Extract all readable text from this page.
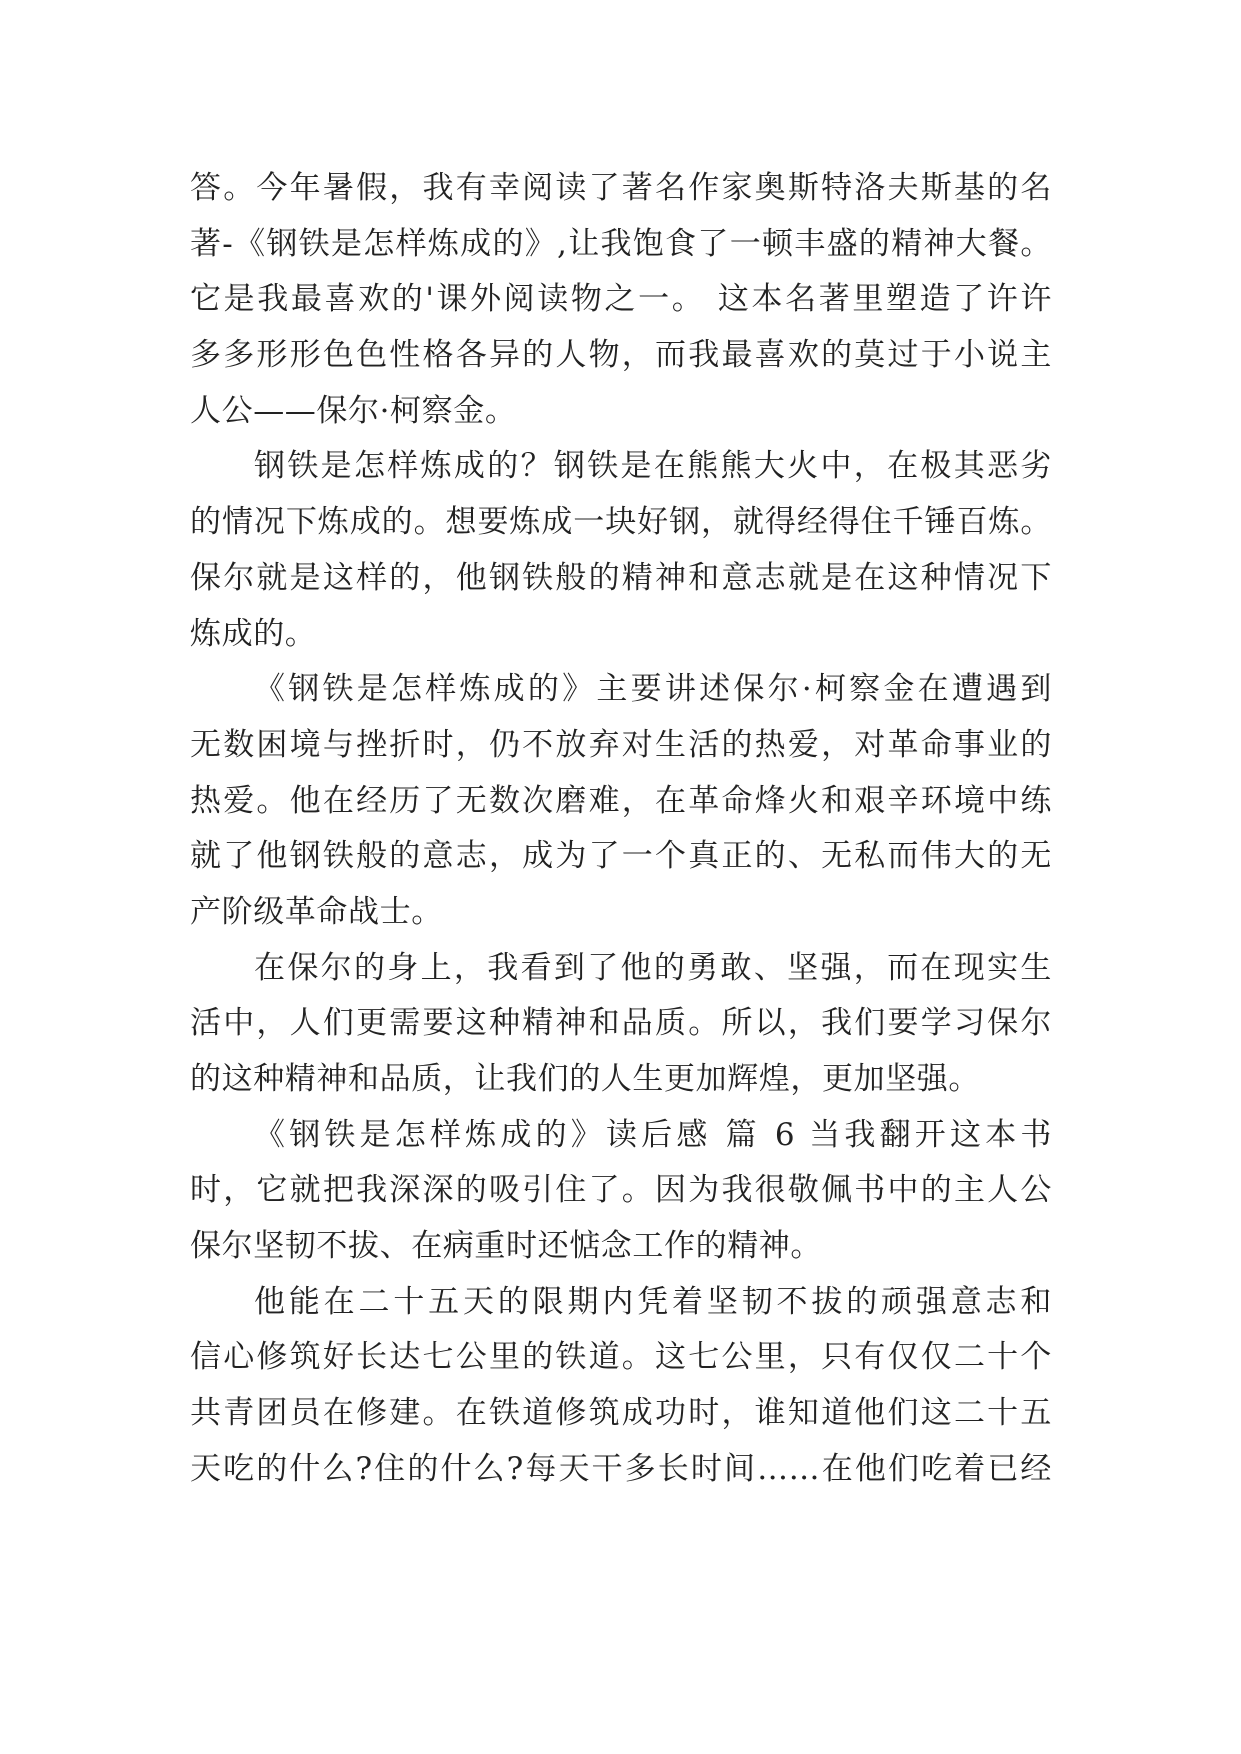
答。今年暑假，我有幸阅读了著名作家奥斯特洛夫斯基的名
著-《钢铁是怎样炼成的》,让我饱食了一顿丰盛的精神大餐。
它是我最喜欢的'课外阅读物之一。 这本名著里塑造了许许
多多形形色色性格各异的人物，而我最喜欢的莫过于小说主
人公——保尔·柯察金。
钢铁是怎样炼成的？钢铁是在熊熊大火中，在极其恶劣
的情况下炼成的。想要炼成一块好钢，就得经得住千锤百炼。
保尔就是这样的，他钢铁般的精神和意志就是在这种情况下
炼成的。
《钢铁是怎样炼成的》主要讲述保尔·柯察金在遭遇到
无数困境与挫折时，仍不放弃对生活的热爱，对革命事业的
热爱。他在经历了无数次磨难，在革命烽火和艰辛环境中练
就了他钢铁般的意志，成为了一个真正的、无私而伟大的无
产阶级革命战士。
在保尔的身上，我看到了他的勇敢、坚强，而在现实生
活中，人们更需要这种精神和品质。所以，我们要学习保尔
的这种精神和品质，让我们的人生更加辉煌，更加坚强。
《钢铁是怎样炼成的》读后感 篇 6 当我翻开这本书
时，它就把我深深的吸引住了。因为我很敬佩书中的主人公
保尔坚韧不拔、在病重时还惦念工作的精神。
他能在二十五天的限期内凭着坚韧不拔的顽强意志和
信心修筑好长达七公里的铁道。这七公里，只有仅仅二十个
共青团员在修建。在铁道修筑成功时，谁知道他们这二十五
天吃的什么?住的什么?每天干多长时间……在他们吃着已经
